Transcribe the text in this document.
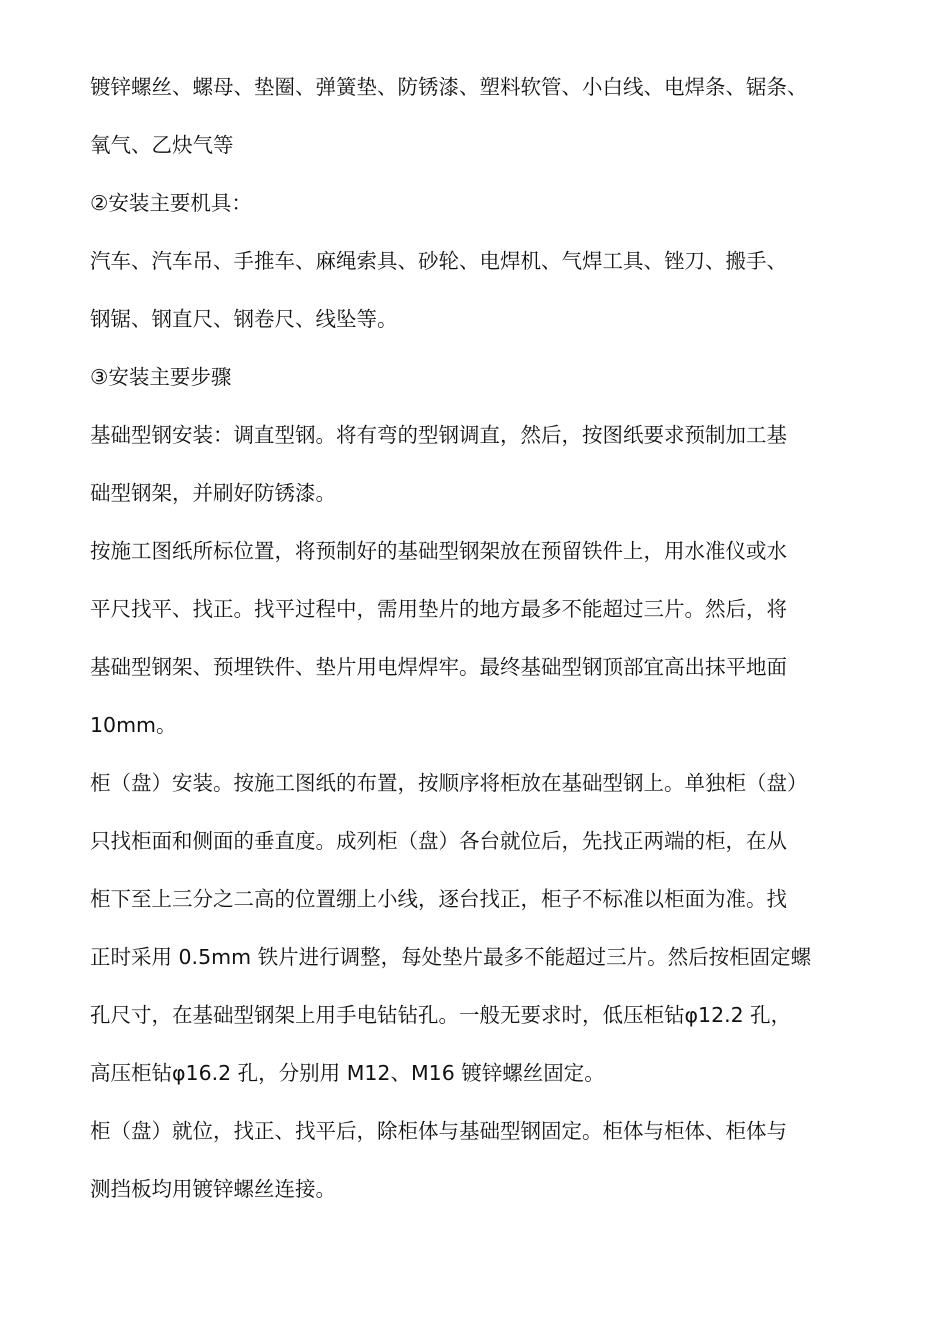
镀锌螺丝、螺母、垫圈、弹簧垫、防锈漆、塑料软管、小白线、电焊条、锯条、
氧气、乙炔气等
②安装主要机具：
汽车、汽车吊、手推车、麻绳索具、砂轮、电焊机、气焊工具、锉刀、搬手、
钢锯、钢直尺、钢卷尺、线坠等。
③安装主要步骤
基础型钢安装：调直型钢。将有弯的型钢调直，然后，按图纸要求预制加工基
础型钢架，并刷好防锈漆。
按施工图纸所标位置，将预制好的基础型钢架放在预留铁件上，用水准仪或水
平尺找平、找正。找平过程中，需用垫片的地方最多不能超过三片。然后，将
基础型钢架、预埋铁件、垫片用电焊焊牢。最终基础型钢顶部宜高出抹平地面
10mm。
柜（盘）安装。按施工图纸的布置，按顺序将柜放在基础型钢上。单独柜（盘）
只找柜面和侧面的垂直度。成列柜（盘）各台就位后，先找正两端的柜，在从
柜下至上三分之二高的位置绷上小线，逐台找正，柜子不标准以柜面为准。找
正时采用 0.5mm 铁片进行调整，每处垫片最多不能超过三片。然后按柜固定螺
孔尺寸，在基础型钢架上用手电钻钻孔。一般无要求时，低压柜钻φ12.2 孔，
高压柜钻φ16.2 孔，分别用 M12、M16 镀锌螺丝固定。
柜（盘）就位，找正、找平后，除柜体与基础型钢固定。柜体与柜体、柜体与
测挡板均用镀锌螺丝连接。
